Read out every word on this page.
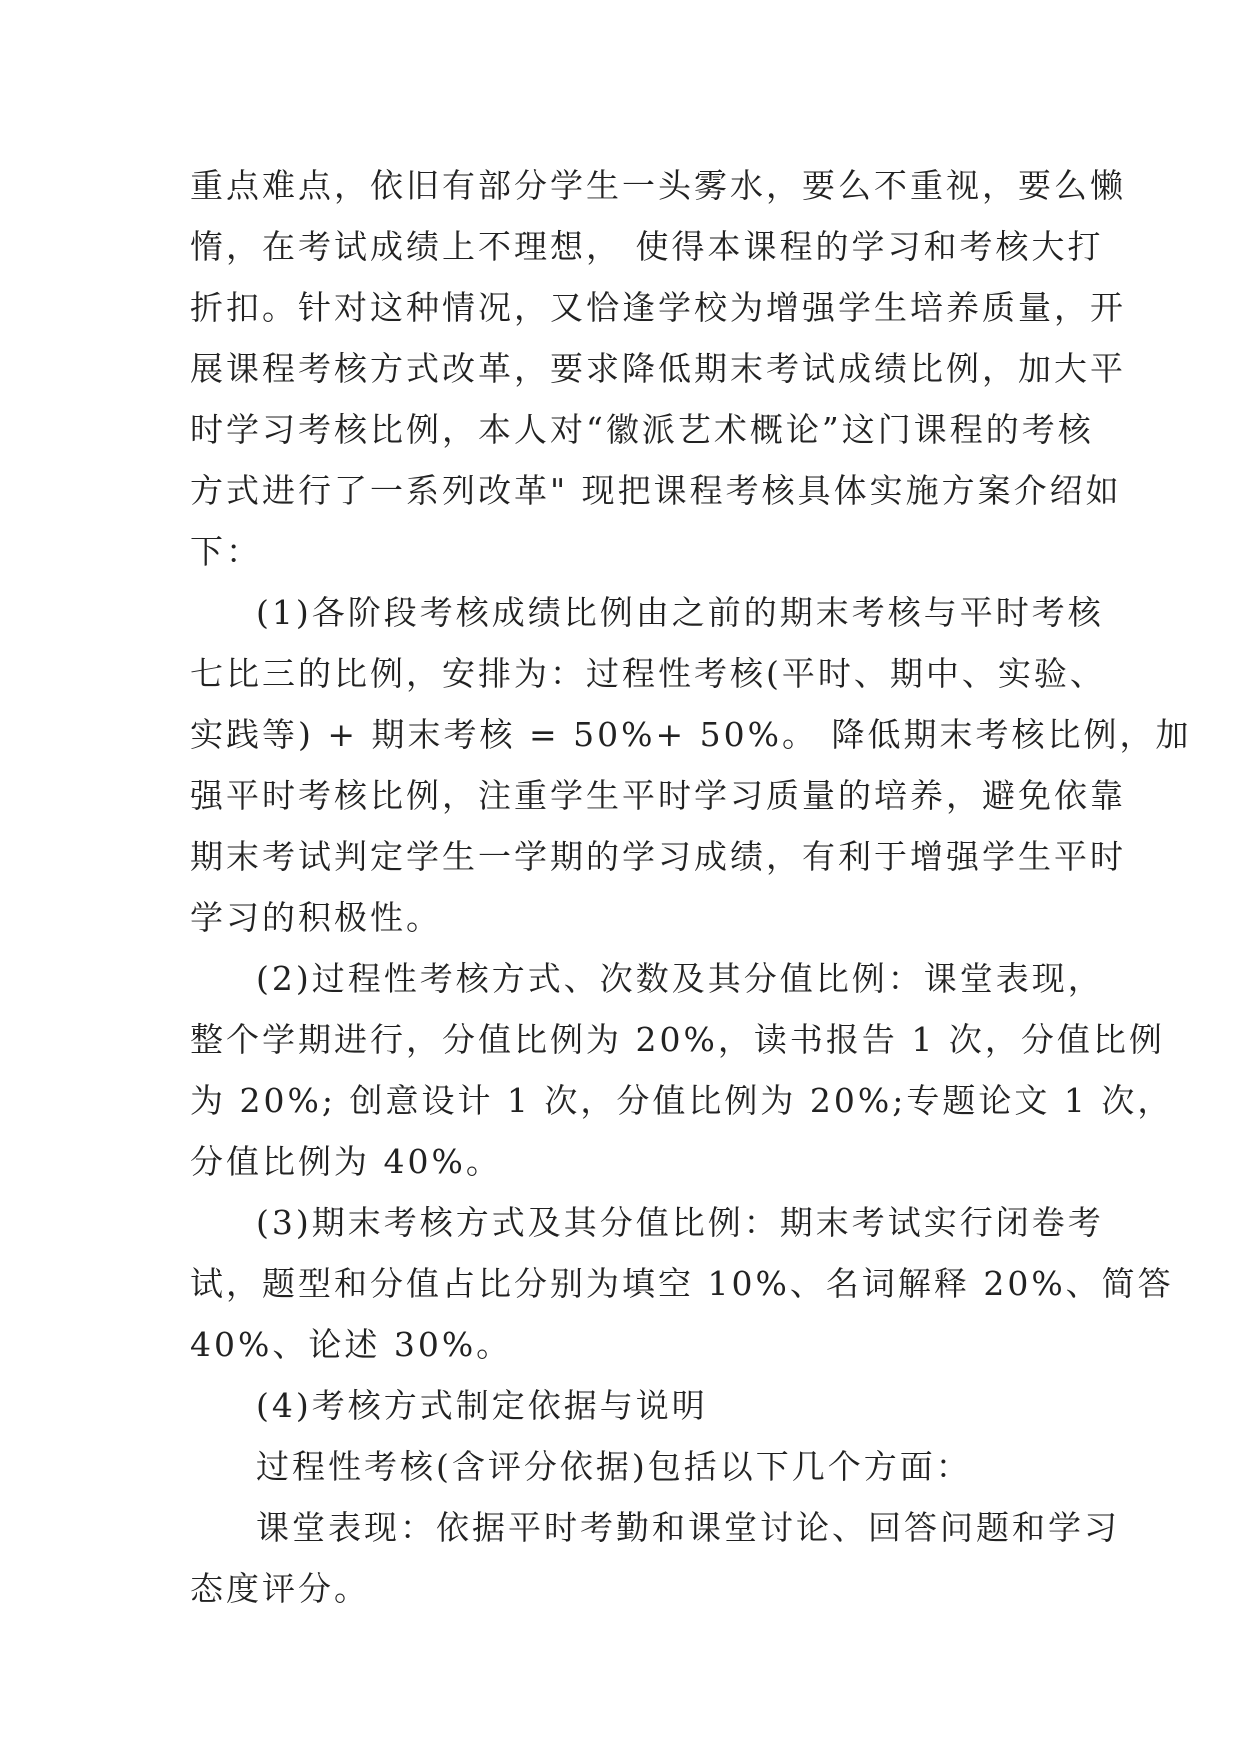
重点难点，依旧有部分学生一头雾水，要么不重视，要么懒
惰，在考试成绩上不理想， 使得本课程的学习和考核大打
折扣。针对这种情况，又恰逢学校为增强学生培养质量，开
展课程考核方式改革，要求降低期末考试成绩比例，加大平
时学习考核比例，本人对“徽派艺术概论”这门课程的考核
方式进行了一系列改革" 现把课程考核具体实施方案介绍如
下：
(1)各阶段考核成绩比例由之前的期末考核与平时考核
七比三的比例，安排为：过程性考核(平时、期中、实验、
实践等) + 期末考核 = 50%+ 50%。 降低期末考核比例，加
强平时考核比例，注重学生平时学习质量的培养，避免依靠
期末考试判定学生一学期的学习成绩，有利于增强学生平时
学习的积极性。
(2)过程性考核方式、次数及其分值比例：课堂表现，
整个学期进行，分值比例为 20%，读书报告 1 次，分值比例
为 20%; 创意设计 1 次，分值比例为 20%;专题论文 1 次，
分值比例为 40%。
(3)期末考核方式及其分值比例：期末考试实行闭卷考
试，题型和分值占比分别为填空 10%、名词解释 20%、简答
40%、论述 30%。
(4)考核方式制定依据与说明
过程性考核(含评分依据)包括以下几个方面：
课堂表现：依据平时考勤和课堂讨论、回答问题和学习
态度评分。
